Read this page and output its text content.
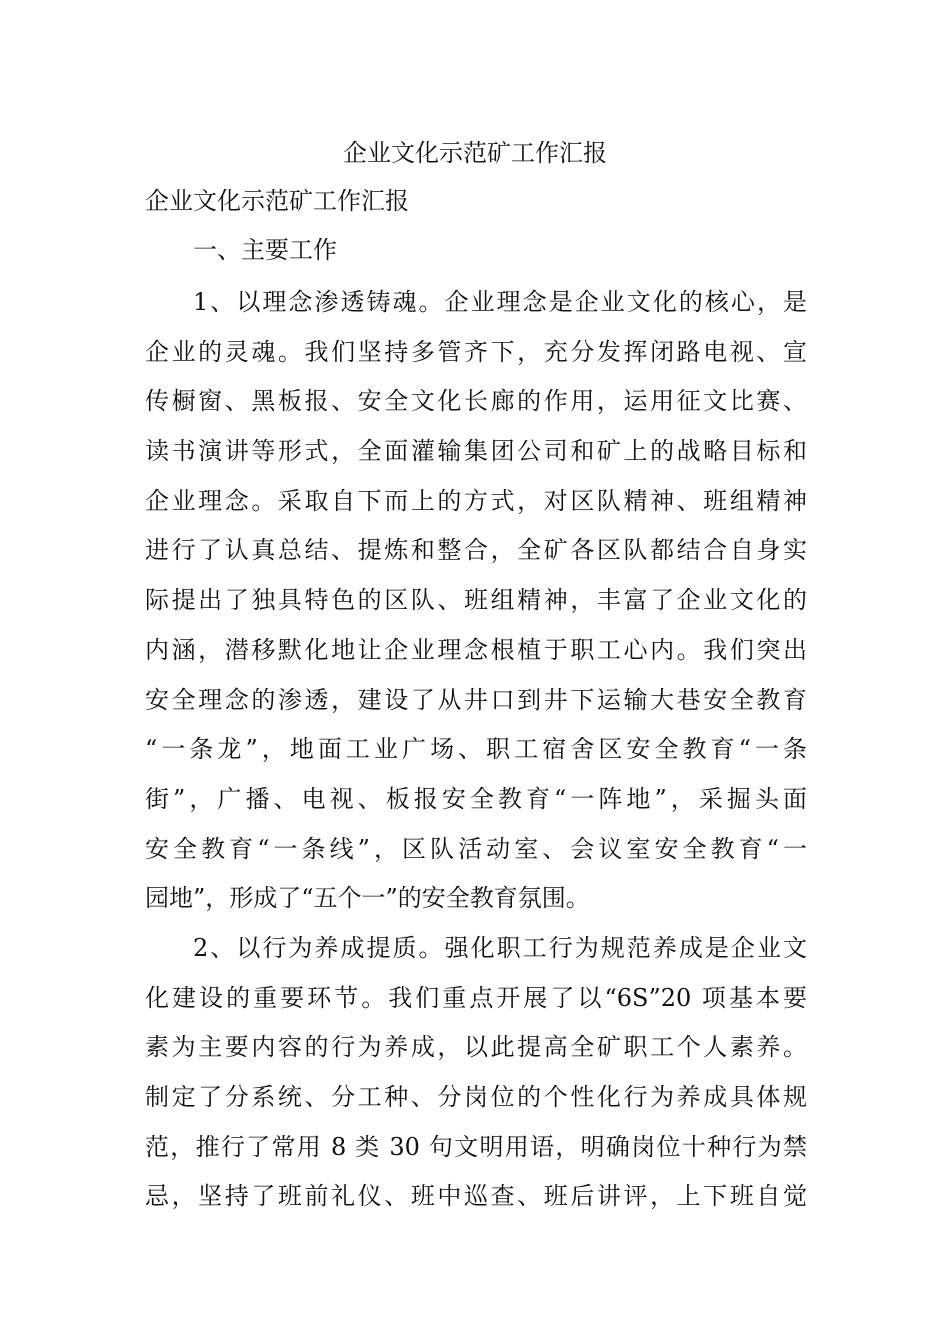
企业文化示范矿工作汇报

企业文化示范矿工作汇报

一、主要工作
1、以理念渗透铸魂。企业理念是企业文化的核心，是
企业的灵魂。我们坚持多管齐下，充分发挥闭路电视、宣
传橱窗、黑板报、安全文化长廊的作用，运用征文比赛、
读书演讲等形式，全面灌输集团公司和矿上的战略目标和
企业理念。采取自下而上的方式，对区队精神、班组精神
进行了认真总结、提炼和整合，全矿各区队都结合自身实
际提出了独具特色的区队、班组精神，丰富了企业文化的
内涵，潜移默化地让企业理念根植于职工心内。我们突出
安全理念的渗透，建设了从井口到井下运输大巷安全教育
“一条龙”，地面工业广场、职工宿舍区安全教育“一条
街”，广播、电视、板报安全教育“一阵地”，采掘头面
安全教育“一条线”，区队活动室、会议室安全教育“一
园地”，形成了“五个一”的安全教育氛围。
2、以行为养成提质。强化职工行为规范养成是企业文
化建设的重要环节。我们重点开展了以“6S”20 项基本要
素为主要内容的行为养成，以此提高全矿职工个人素养。
制定了分系统、分工种、分岗位的个性化行为养成具体规
范，推行了常用 8 类 30 句文明用语，明确岗位十种行为禁
忌，坚持了班前礼仪、班中巡查、班后讲评，上下班自觉
